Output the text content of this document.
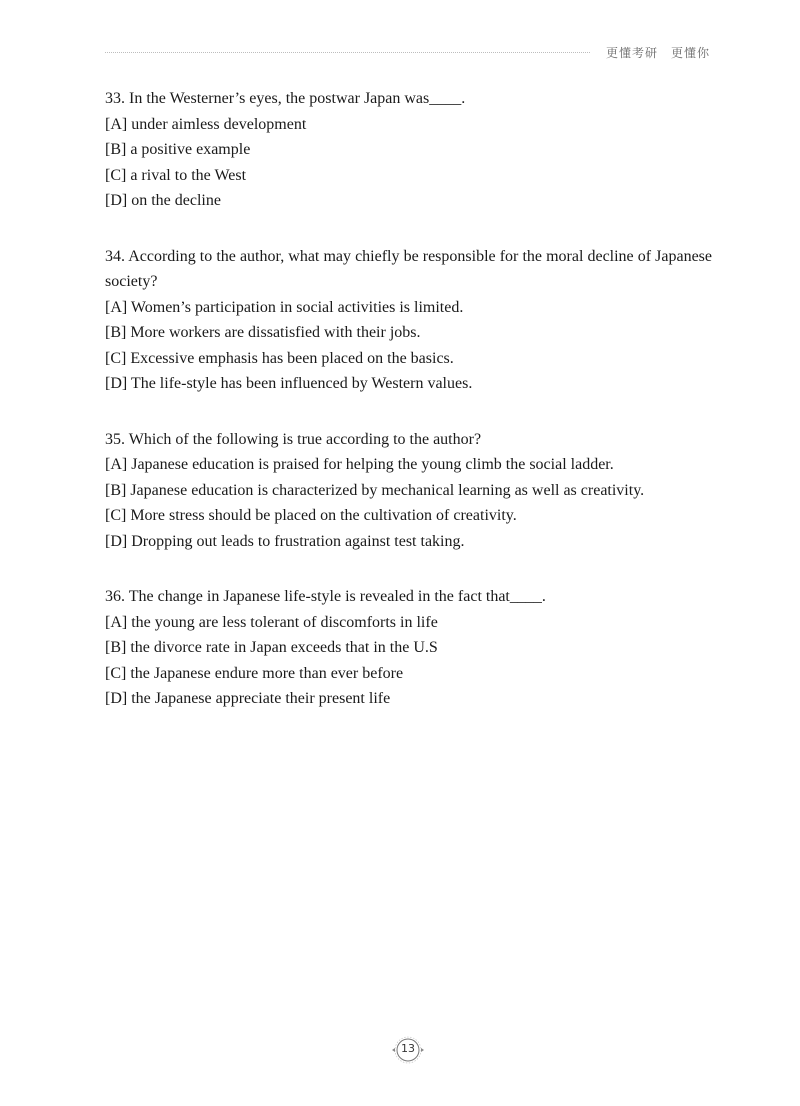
更懂考研　更懂你
33. In the Westerner’s eyes, the postwar Japan was____.
[A] under aimless development
[B] a positive example
[C] a rival to the West
[D] on the decline
34. According to the author, what may chiefly be responsible for the moral decline of Japanese society?
[A] Women’s participation in social activities is limited.
[B] More workers are dissatisfied with their jobs.
[C] Excessive emphasis has been placed on the basics.
[D] The life-style has been influenced by Western values.
35. Which of the following is true according to the author?
[A] Japanese education is praised for helping the young climb the social ladder.
[B] Japanese education is characterized by mechanical learning as well as creativity.
[C] More stress should be placed on the cultivation of creativity.
[D] Dropping out leads to frustration against test taking.
36. The change in Japanese life-style is revealed in the fact that____.
[A] the young are less tolerant of discomforts in life
[B] the divorce rate in Japan exceeds that in the U.S
[C] the Japanese endure more than ever before
[D] the Japanese appreciate their present life
13
